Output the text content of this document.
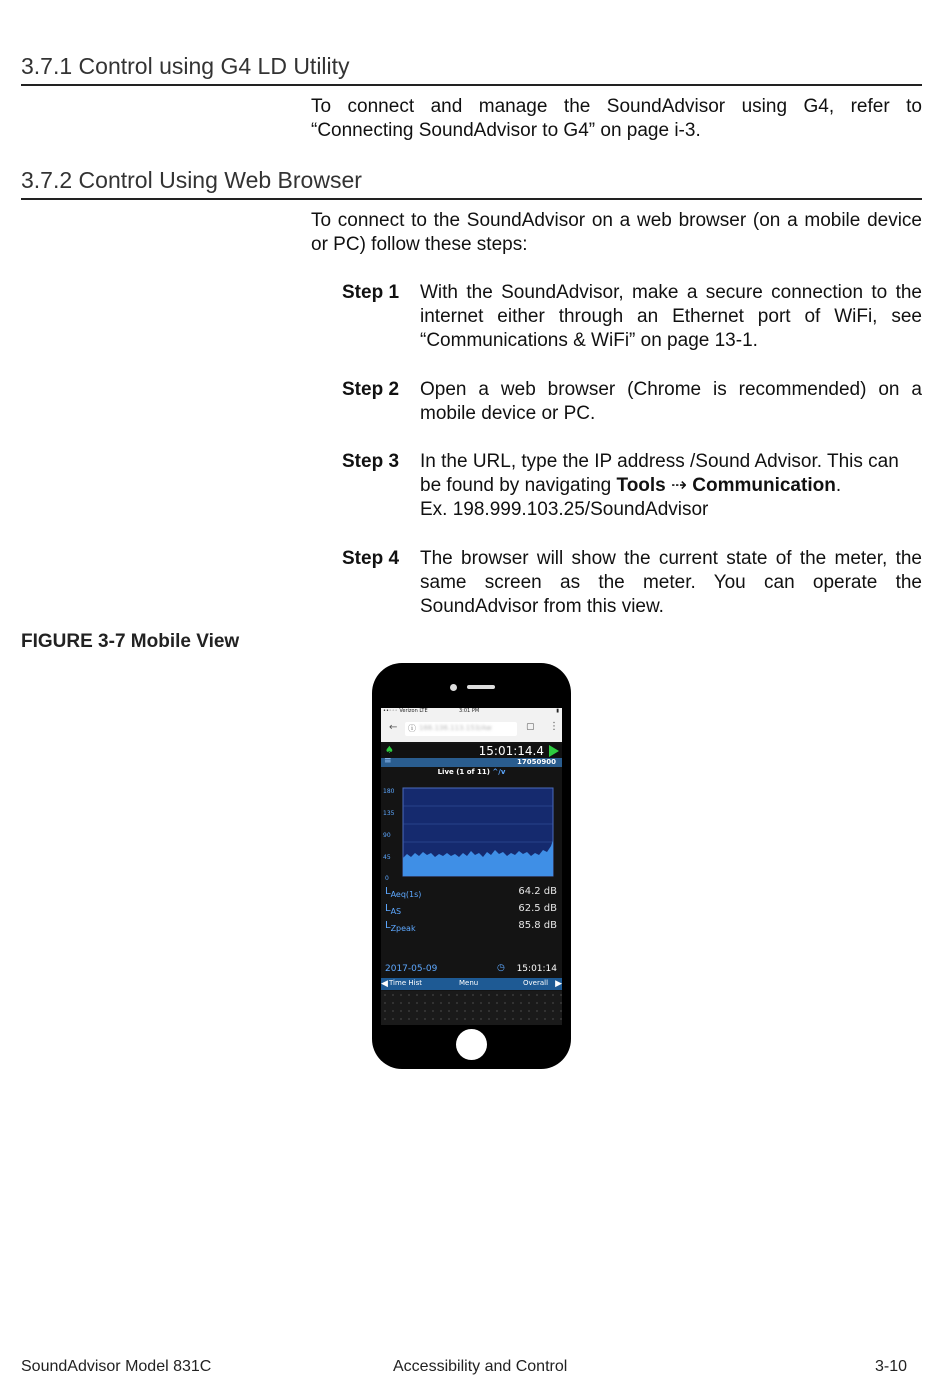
3.7.1 Control using G4 LD Utility
To connect and manage the SoundAdvisor using G4, refer to “Connecting SoundAdvisor to G4” on page i-3.
3.7.2 Control Using Web Browser
To connect to the SoundAdvisor on a web browser (on a mobile device or PC) follow these steps:
Step 1 With the SoundAdvisor, make a secure connection to the internet either through an Ethernet port of WiFi, see “Communications & WiFi” on page 13-1.
Step 2 Open a web browser (Chrome is recommended) on a mobile device or PC.
Step 3 In the URL, type the IP address /Sound Advisor. This can be found by navigating Tools ⇢ Communication.
Ex. 198.999.103.25/SoundAdvisor
Step 4 The browser will show the current state of the meter, the same screen as the meter. You can operate the SoundAdvisor from this view.
FIGURE 3-7 Mobile View
••◦◦◦ Verizon LTE	3:01 PM	▮
← ⓘ 166.136.113.153/Aw	▢ ⋮
♠	15:01:14.4
≡	17050900
Live (1 of 11) ^/v
180
135
90
45
0
$L_{Aeq(1s)}$	64.2 dB
$L_{AS}$	62.5 dB
$L_{Zpeak}$	85.8 dB
2017-05-09	◷ 15:01:14
◀ Time Hist	Menu	Overall ▶
SoundAdvisor Model 831C	Accessibility and Control	3-10
